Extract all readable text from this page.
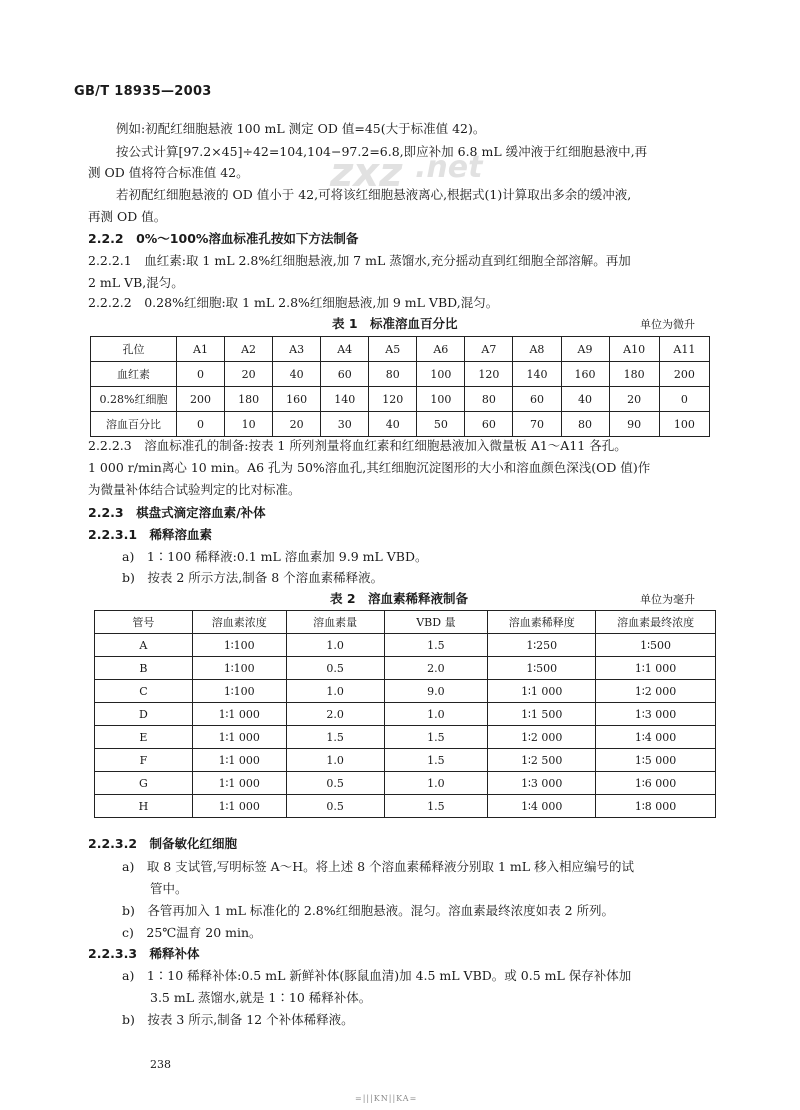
GB/T 18935—2003
zxz .net
例如:初配红细胞悬液 100 mL 测定 OD 值=45(大于标准值 42)。
按公式计算[97.2×45]÷42=104,104−97.2=6.8,即应补加 6.8 mL 缓冲液于红细胞悬液中,再
测 OD 值将符合标准值 42。
若初配红细胞悬液的 OD 值小于 42,可将该红细胞悬液离心,根据式(1)计算取出多余的缓冲液,
再测 OD 值。
2.2.2　0%～100%溶血标准孔按如下方法制备
2.2.2.1　血红素:取 1 mL 2.8%红细胞悬液,加 7 mL 蒸馏水,充分摇动直到红细胞全部溶解。再加
2 mL VB,混匀。
2.2.2.2　0.28%红细胞:取 1 mL 2.8%红细胞悬液,加 9 mL VBD,混匀。
表 1　标准溶血百分比	单位为微升
孔位	A1	A2	A3	A4	A5	A6	A7	A8	A9	A10	A11
血红素	0	20	40	60	80	100	120	140	160	180	200
0.28%红细胞	200	180	160	140	120	100	80	60	40	20	0
溶血百分比	0	10	20	30	40	50	60	70	80	90	100
2.2.2.3　溶血标准孔的制备:按表 1 所列剂量将血红素和红细胞悬液加入微量板 A1～A11 各孔。
1 000 r/min离心 10 min。A6 孔为 50%溶血孔,其红细胞沉淀图形的大小和溶血颜色深浅(OD 值)作
为微量补体结合试验判定的比对标准。
2.2.3　棋盘式滴定溶血素/补体
2.2.3.1　稀释溶血素
a)　1∶100 稀释液:0.1 mL 溶血素加 9.9 mL VBD。
b)　按表 2 所示方法,制备 8 个溶血素稀释液。
表 2　溶血素稀释液制备	单位为毫升
管号	溶血素浓度	溶血素量	VBD 量	溶血素稀释度	溶血素最终浓度
A	1∶100	1.0	1.5	1∶250	1∶500
B	1∶100	0.5	2.0	1∶500	1∶1 000
C	1∶100	1.0	9.0	1∶1 000	1∶2 000
D	1∶1 000	2.0	1.0	1∶1 500	1∶3 000
E	1∶1 000	1.5	1.5	1∶2 000	1∶4 000
F	1∶1 000	1.0	1.5	1∶2 500	1∶5 000
G	1∶1 000	0.5	1.0	1∶3 000	1∶6 000
H	1∶1 000	0.5	1.5	1∶4 000	1∶8 000
2.2.3.2　制备敏化红细胞
a)　取 8 支试管,写明标签 A～H。将上述 8 个溶血素稀释液分别取 1 mL 移入相应编号的试
管中。
b)　各管再加入 1 mL 标准化的 2.8%红细胞悬液。混匀。溶血素最终浓度如表 2 所列。
c)　25℃温育 20 min。
2.2.3.3　稀释补体
a)　1∶10 稀释补体:0.5 mL 新鲜补体(豚鼠血清)加 4.5 mL VBD。或 0.5 mL 保存补体加
3.5 mL 蒸馏水,就是 1∶10 稀释补体。
b)　按表 3 所示,制备 12 个补体稀释液。
238
=|||KN||KA=
